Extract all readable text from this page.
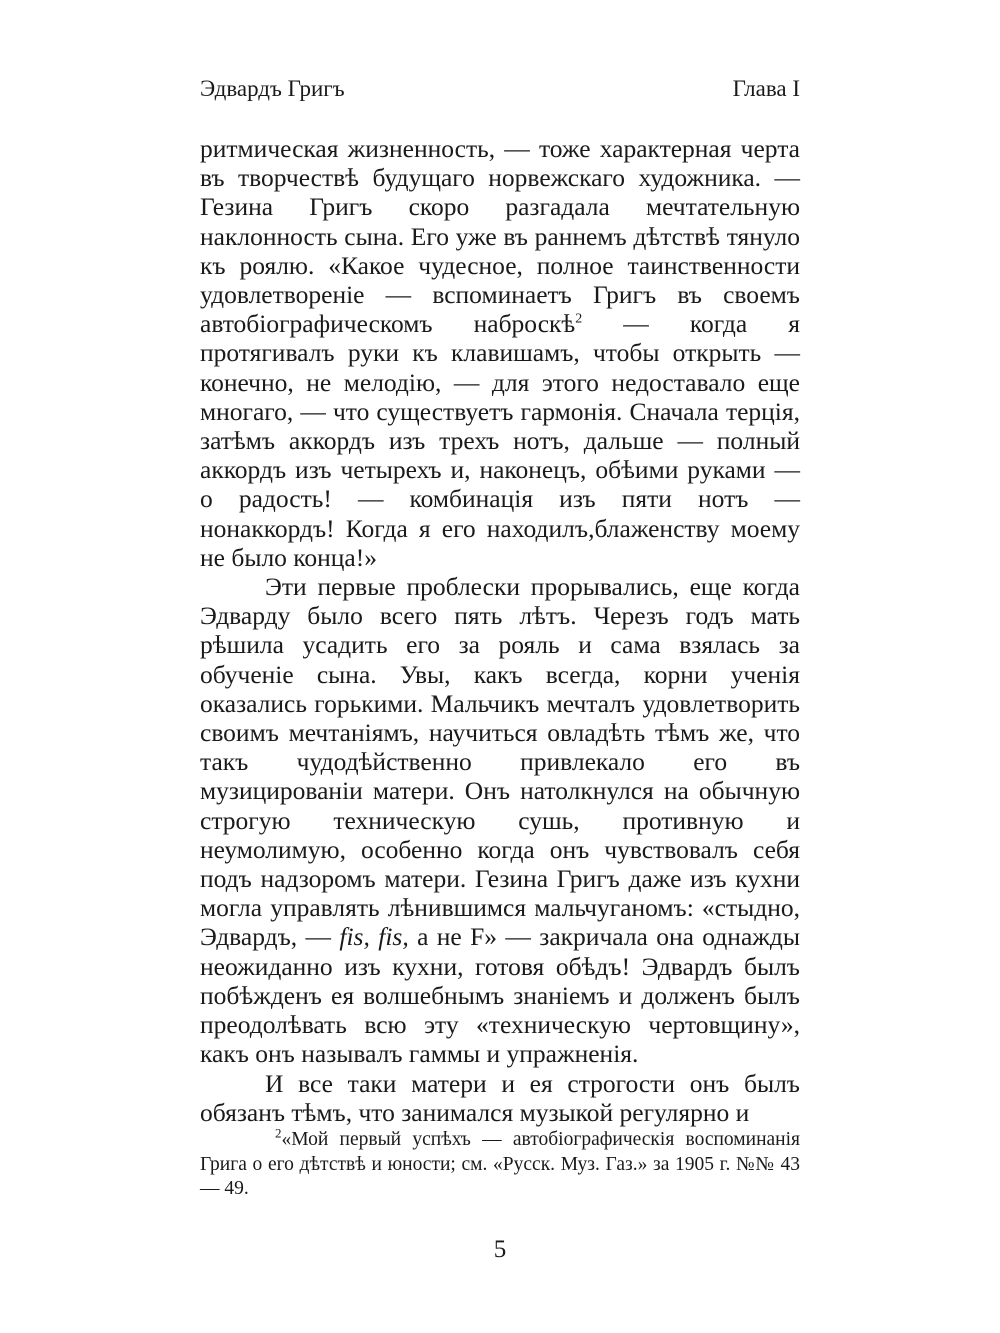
Эдвардъ Григъ	Глава I

ритмическая жизненность, — тоже характерная черта въ творчествѣ будущаго норвежскаго художника. — Гезина Григъ скоро разгадала мечтательную наклонность сына. Его уже въ раннемъ дѣтствѣ тянуло къ роялю. «Какое чудесное, полное таинственности удовлетвореніе — вспоминаетъ Григъ въ своемъ автобіографическомъ наброскѣ$^2$ — когда я протягивалъ руки къ клавишамъ, чтобы открыть — конечно, не мелодію, — для этого недоставало еще многаго, — что существуетъ гармонія. Сначала терція, затѣмъ аккордъ изъ трехъ нотъ, дальше — полный аккордъ изъ четырехъ и, наконецъ, обѣими руками — о радость! — комбинація изъ пяти нотъ — нонаккордъ! Когда я его находилъ,блаженству моему не было конца!»

Эти первые проблески прорывались, еще когда Эдварду было всего пять лѣтъ. Черезъ годъ мать рѣшила усадить его за рояль и сама взялась за обученіе сына. Увы, какъ всегда, корни ученія оказались горькими. Мальчикъ мечталъ удовлетворить своимъ мечтаніямъ, научиться овладѣть тѣмъ же, что такъ чудодѣйственно привлекало его въ музицированіи матери. Онъ натолкнулся на обычную строгую техническую сушь, противную и неумолимую, особенно когда онъ чувствовалъ себя подъ надзоромъ матери. Гезина Григъ даже изъ кухни могла управлять лѣнившимся мальчуганомъ: «стыдно, Эдвардъ, — fis, fis, а не F» — закричала она однажды неожиданно изъ кухни, готовя обѣдъ! Эдвардъ былъ побѣжденъ ея волшебнымъ знаніемъ и долженъ былъ преодолѣвать всю эту «техническую чертовщину», какъ онъ называлъ гаммы и упражненія.

И все таки матери и ея строгости онъ былъ обязанъ тѣмъ, что занимался музыкой регулярно и

$^2$«Мой первый успѣхъ — автобіографическія воспоминанія Грига о его дѣтствѣ и юности; см. «Русск. Муз. Газ.» за 1905 г. №№ 43 — 49.
5
